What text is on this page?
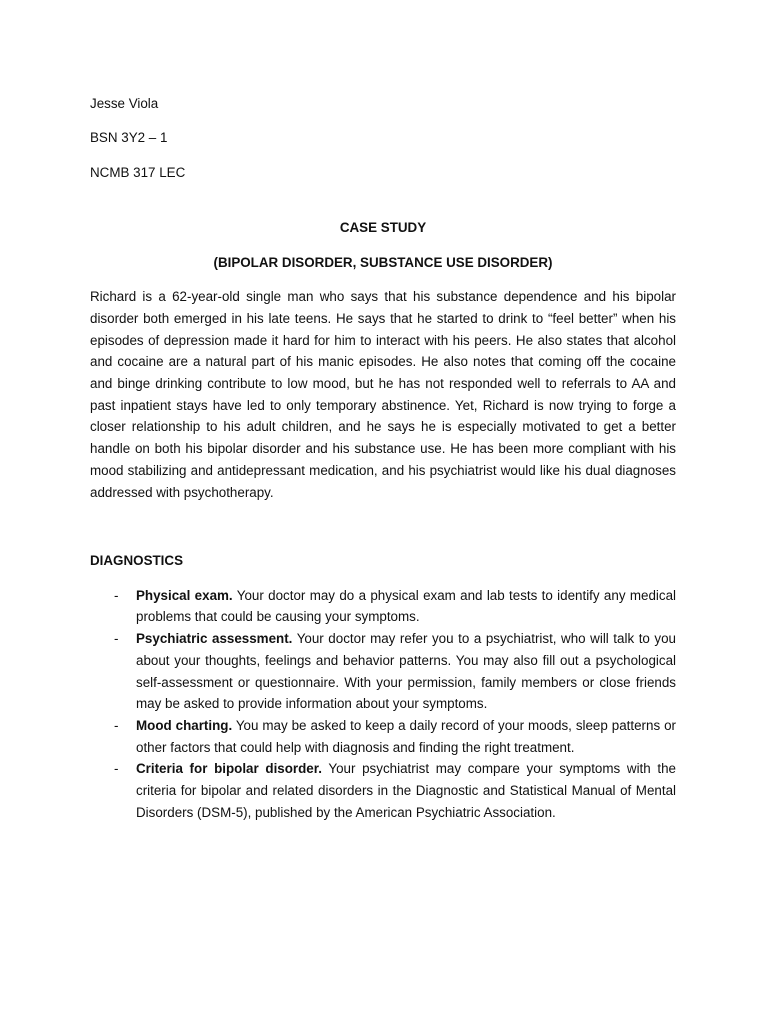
Jesse Viola

BSN 3Y2 – 1

NCMB 317 LEC

CASE STUDY

(BIPOLAR DISORDER, SUBSTANCE USE DISORDER)

Richard is a 62-year-old single man who says that his substance dependence and his bipolar disorder both emerged in his late teens. He says that he started to drink to “feel better” when his episodes of depression made it hard for him to interact with his peers. He also states that alcohol and cocaine are a natural part of his manic episodes. He also notes that coming off the cocaine and binge drinking contribute to low mood, but he has not responded well to referrals to AA and past inpatient stays have led to only temporary abstinence. Yet, Richard is now trying to forge a closer relationship to his adult children, and he says he is especially motivated to get a better handle on both his bipolar disorder and his substance use. He has been more compliant with his mood stabilizing and antidepressant medication, and his psychiatrist would like his dual diagnoses addressed with psychotherapy.

DIAGNOSTICS

- Physical exam. Your doctor may do a physical exam and lab tests to identify any medical problems that could be causing your symptoms.
- Psychiatric assessment. Your doctor may refer you to a psychiatrist, who will talk to you about your thoughts, feelings and behavior patterns. You may also fill out a psychological self-assessment or questionnaire. With your permission, family members or close friends may be asked to provide information about your symptoms.
- Mood charting. You may be asked to keep a daily record of your moods, sleep patterns or other factors that could help with diagnosis and finding the right treatment.
- Criteria for bipolar disorder. Your psychiatrist may compare your symptoms with the criteria for bipolar and related disorders in the Diagnostic and Statistical Manual of Mental Disorders (DSM-5), published by the American Psychiatric Association.
